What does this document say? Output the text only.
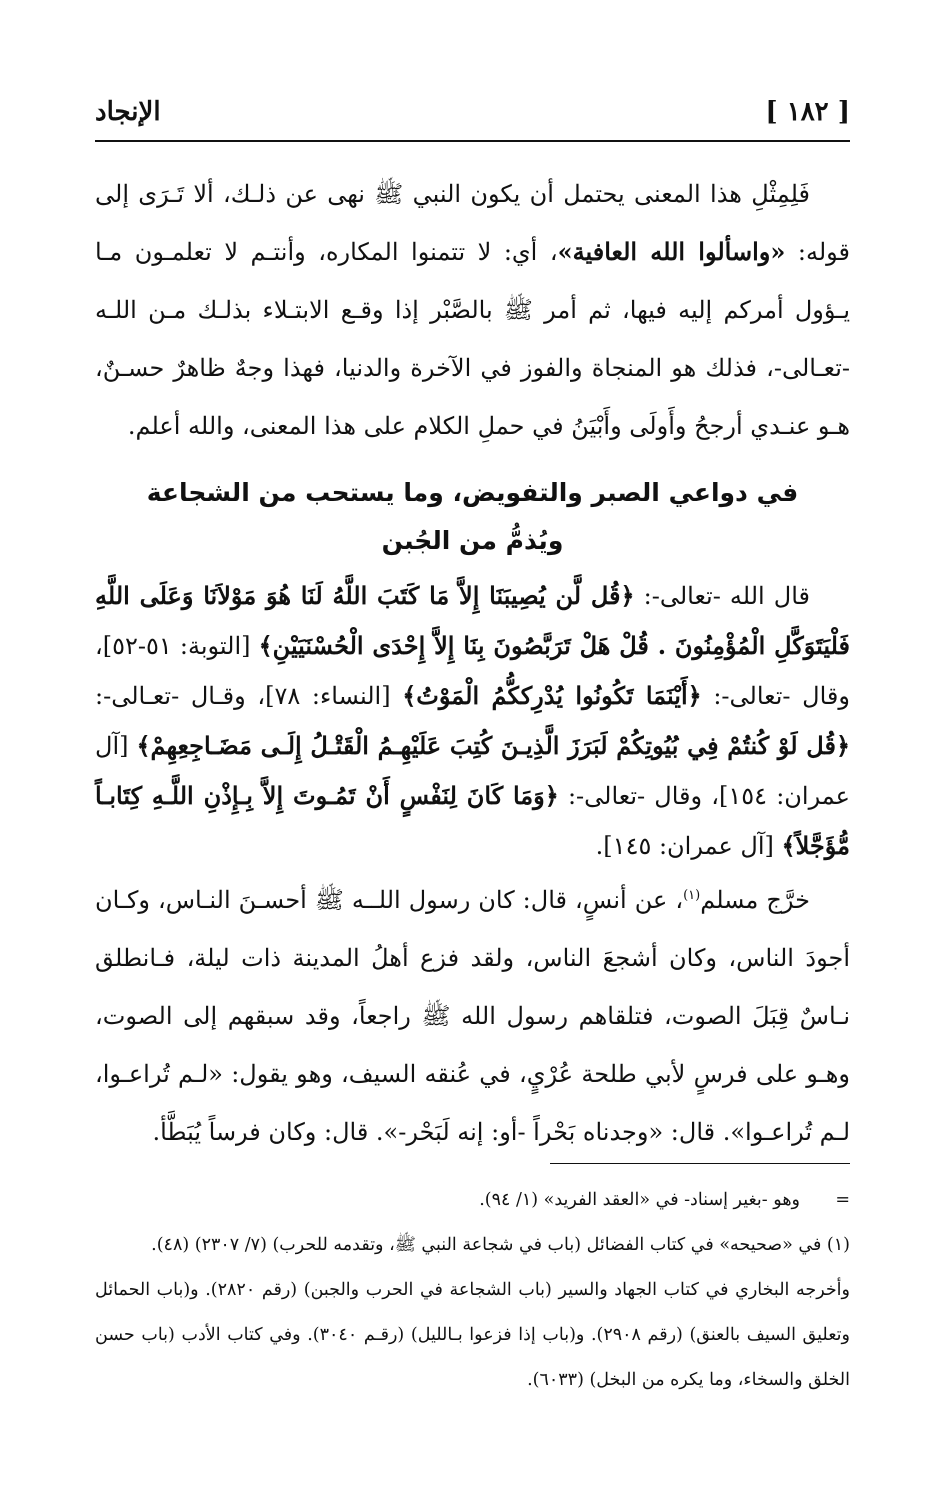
[ ١٨٢ ]
الإنجاد

فَلِمِثْلِ هذا المعنى يحتمل أن يكون النبي ﷺ نهى عن ذلـك، ألا تَـرَى إلى قوله: «واسألوا الله العافية»، أي: لا تتمنوا المكاره، وأنتـم لا تعلمـون مـا يـؤول أمركم إليه فيها، ثم أمر ﷺ بالصَّبْر إذا وقـع الابتـلاء بذلـك مـن اللـه -تعـالى-، فذلك هو المنجاة والفوز في الآخرة والدنيا، فهذا وجهٌ ظاهرٌ حسـنٌ، هـو عنـدي أرجحُ وأَولَى وأَبْيَنُ في حملِ الكلام على هذا المعنى، والله أعلم.

في دواعي الصبر والتفويض، وما يستحب من الشجاعة
ويُذمُّ من الجُبن

قال الله -تعالى-: ﴿قُل لَّن يُصِيبَنَا إِلاَّ مَا كَتَبَ اللَّهُ لَنَا هُوَ مَوْلاَنَا وَعَلَى اللَّهِ فَلْيَتَوَكَّلِ الْمُؤْمِنُونَ . قُلْ هَلْ تَرَبَّصُونَ بِنَا إِلاَّ إِحْدَى الْحُسْنَيَيْنِ﴾ [التوبة: ٥١-٥٢]، وقال -تعالى-: ﴿أَيْنَمَا تَكُونُوا يُدْرِككُّمُ الْمَوْتُ﴾ [النساء: ٧٨]، وقـال -تعـالى-: ﴿قُل لَوْ كُنتُمْ فِي بُيُوتِكُمْ لَبَرَزَ الَّذِيـنَ كُتِبَ عَلَيْهِـمُ الْقَتْـلُ إِلَـى مَضَـاجِعِهِمْ﴾ [آل عمران: ١٥٤]، وقال -تعالى-: ﴿وَمَا كَانَ لِنَفْسٍ أَنْ تَمُـوتَ إِلاَّ بِـإِذْنِ اللَّـهِ كِتَابـاً مُّؤَجَّلاً﴾ [آل عمران: ١٤٥].

خرَّج مسلم$^{(١)}$، عن أنسٍ، قال: كان رسول اللــه ﷺ أحسـنَ النـاس، وكـان أجودَ الناس، وكان أشجعَ الناس، ولقد فزع أهلُ المدينة ذات ليلة، فـانطلق نـاسٌ قِبَلَ الصوت، فتلقاهم رسول الله ﷺ راجعاً، وقد سبقهم إلى الصوت، وهـو على فرسٍ لأبي طلحة عُرْيٍ، في عُنقه السيف، وهو يقول: «لـم تُراعـوا، لـم تُراعـوا». قال: «وجدناه بَحْراً -أو: إنه لَبَحْر-». قال: وكان فرساً يُبَطَّأ.

=
وهو -بغير إسناد- في «العقد الفريد» (١/ ٩٤).

(١) في «صحيحه» في كتاب الفضائل (باب في شجاعة النبي ﷺ، وتقدمه للحرب) (٧/ ٢٣٠٧) (٤٨).

وأخرجه البخاري في كتاب الجهاد والسير (باب الشجاعة في الحرب والجبن) (رقم ٢٨٢٠). و(باب الحمائل وتعليق السيف بالعنق) (رقم ٢٩٠٨). و(باب إذا فزعوا بـالليل) (رقـم ٣٠٤٠). وفي كتاب الأدب (باب حسن الخلق والسخاء، وما يكره من البخل) (٦٠٣٣).
